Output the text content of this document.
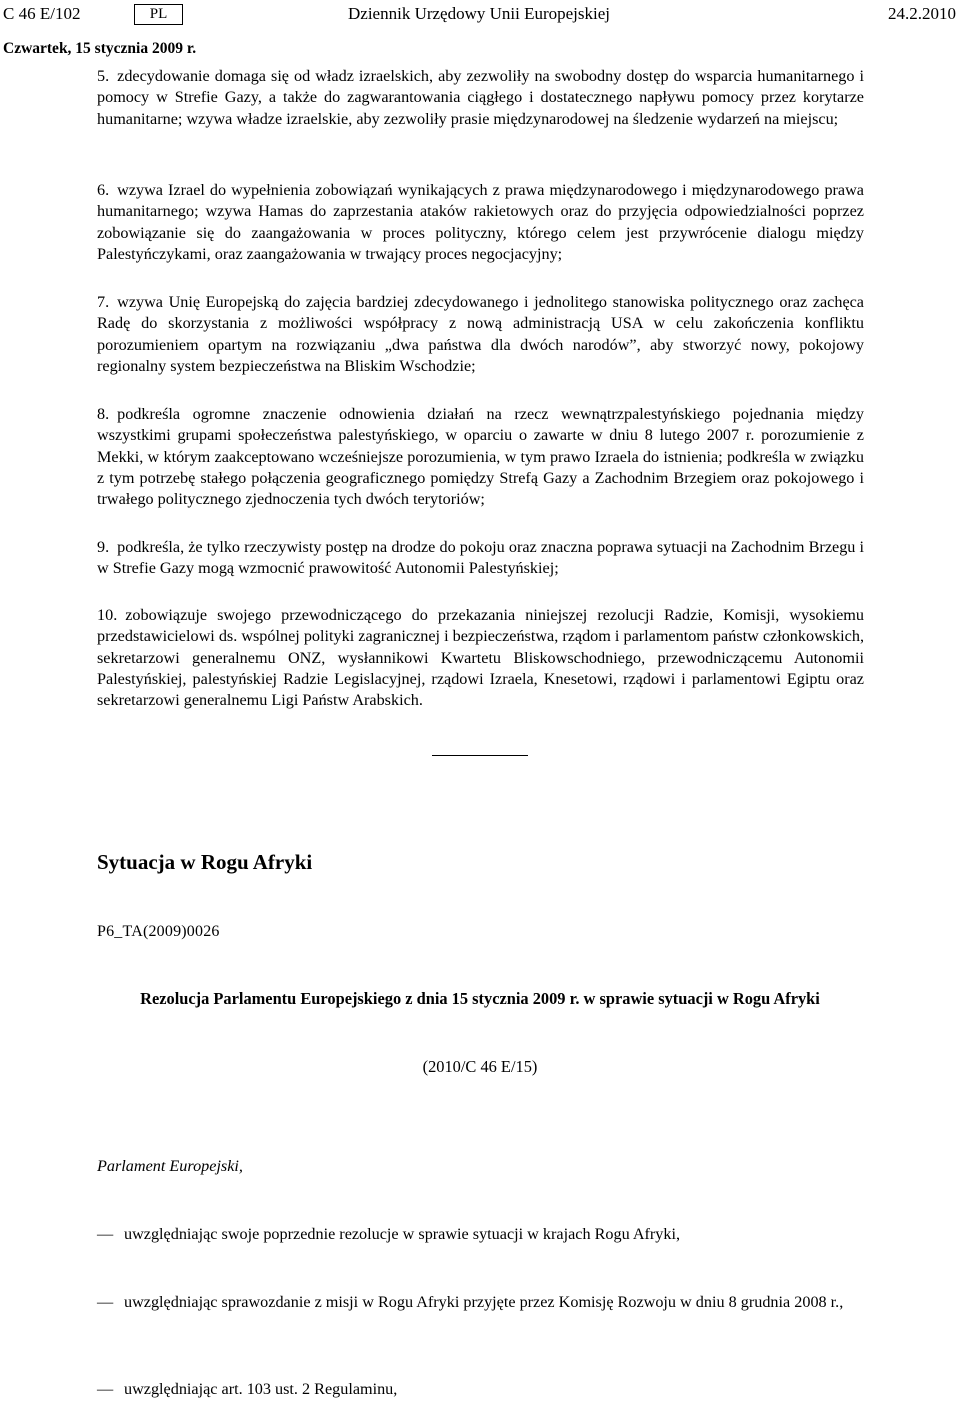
C 46 E/102	PL	Dziennik Urzędowy Unii Europejskiej	24.2.2010
Czwartek, 15 stycznia 2009 r.
5. zdecydowanie domaga się od władz izraelskich, aby zezwoliły na swobodny dostęp do wsparcia humanitarnego i pomocy w Strefie Gazy, a także do zagwarantowania ciągłego i dostatecznego napływu pomocy przez korytarze humanitarne; wzywa władze izraelskie, aby zezwoliły prasie międzynarodowej na śledzenie wydarzeń na miejscu;
6. wzywa Izrael do wypełnienia zobowiązań wynikających z prawa międzynarodowego i międzynarodowego prawa humanitarnego; wzywa Hamas do zaprzestania ataków rakietowych oraz do przyjęcia odpowiedzialności poprzez zobowiązanie się do zaangażowania w proces polityczny, którego celem jest przywrócenie dialogu między Palestyńczykami, oraz zaangażowania w trwający proces negocjacyjny;
7. wzywa Unię Europejską do zajęcia bardziej zdecydowanego i jednolitego stanowiska politycznego oraz zachęca Radę do skorzystania z możliwości współpracy z nową administracją USA w celu zakończenia konfliktu porozumieniem opartym na rozwiązaniu „dwa państwa dla dwóch narodów”, aby stworzyć nowy, pokojowy regionalny system bezpieczeństwa na Bliskim Wschodzie;
8. podkreśla ogromne znaczenie odnowienia działań na rzecz wewnątrzpalestyńskiego pojednania między wszystkimi grupami społeczeństwa palestyńskiego, w oparciu o zawarte w dniu 8 lutego 2007 r. porozumienie z Mekki, w którym zaakceptowano wcześniejsze porozumienia, w tym prawo Izraela do istnienia; podkreśla w związku z tym potrzebę stałego połączenia geograficznego pomiędzy Strefą Gazy a Zachodnim Brzegiem oraz pokojowego i trwałego politycznego zjednoczenia tych dwóch terytoriów;
9. podkreśla, że tylko rzeczywisty postęp na drodze do pokoju oraz znaczna poprawa sytuacji na Zachodnim Brzegu i w Strefie Gazy mogą wzmocnić prawowitość Autonomii Palestyńskiej;
10. zobowiązuje swojego przewodniczącego do przekazania niniejszej rezolucji Radzie, Komisji, wysokiemu przedstawicielowi ds. wspólnej polityki zagranicznej i bezpieczeństwa, rządom i parlamentom państw członkowskich, sekretarzowi generalnemu ONZ, wysłannikowi Kwartetu Bliskowschodniego, przewodniczącemu Autonomii Palestyńskiej, palestyńskiej Radzie Legislacyjnej, rządowi Izraela, Knesetowi, rządowi i parlamentowi Egiptu oraz sekretarzowi generalnemu Ligi Państw Arabskich.
Sytuacja w Rogu Afryki
P6_TA(2009)0026
Rezolucja Parlamentu Europejskiego z dnia 15 stycznia 2009 r. w sprawie sytuacji w Rogu Afryki
(2010/C 46 E/15)
Parlament Europejski,
— uwzględniając swoje poprzednie rezolucje w sprawie sytuacji w krajach Rogu Afryki,
— uwzględniając sprawozdanie z misji w Rogu Afryki przyjęte przez Komisję Rozwoju w dniu 8 grudnia 2008 r.,
— uwzględniając art. 103 ust. 2 Regulaminu,
